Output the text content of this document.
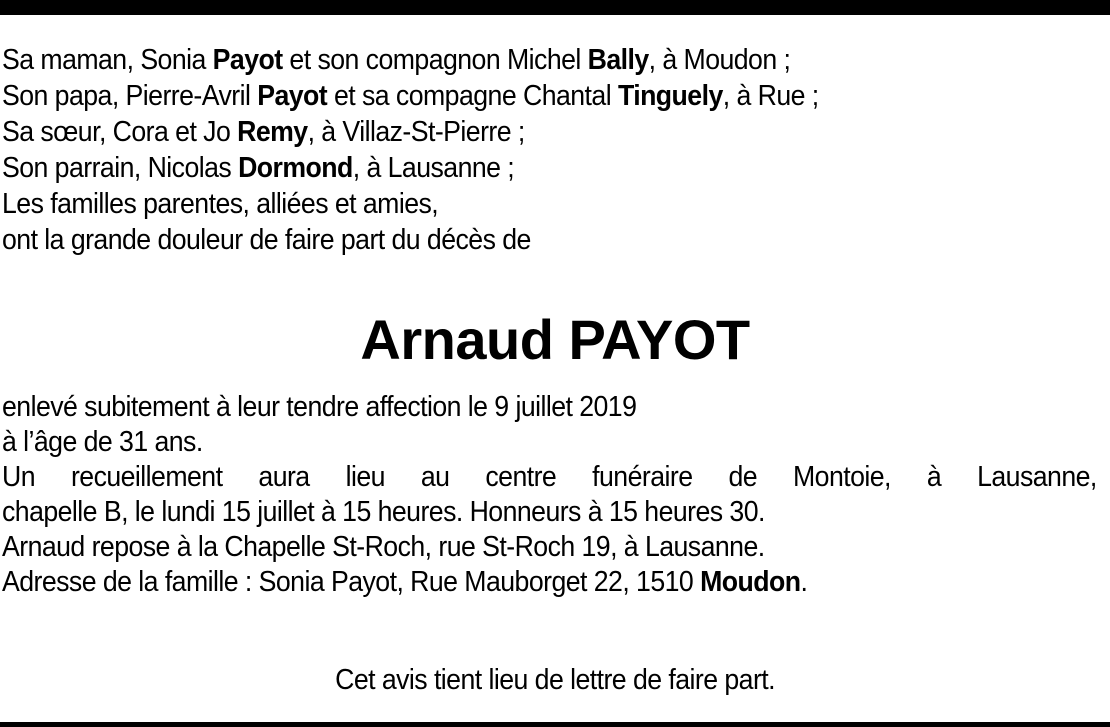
Sa maman, Sonia Payot et son compagnon Michel Bally, à Moudon ;
Son papa, Pierre-Avril Payot et sa compagne Chantal Tinguely, à Rue ;
Sa sœur, Cora et Jo Remy, à Villaz-St-Pierre ;
Son parrain, Nicolas Dormond, à Lausanne ;
Les familles parentes, alliées et amies,
ont la grande douleur de faire part du décès de
Arnaud PAYOT
enlevé subitement à leur tendre affection le 9 juillet 2019
à l’âge de 31 ans.
Un recueillement aura lieu au centre funéraire de Montoie, à Lausanne,
chapelle B, le lundi 15 juillet à 15 heures. Honneurs à 15 heures 30.
Arnaud repose à la Chapelle St-Roch, rue St-Roch 19, à Lausanne.
Adresse de la famille : Sonia Payot, Rue Mauborget 22, 1510 Moudon.
Cet avis tient lieu de lettre de faire part.
